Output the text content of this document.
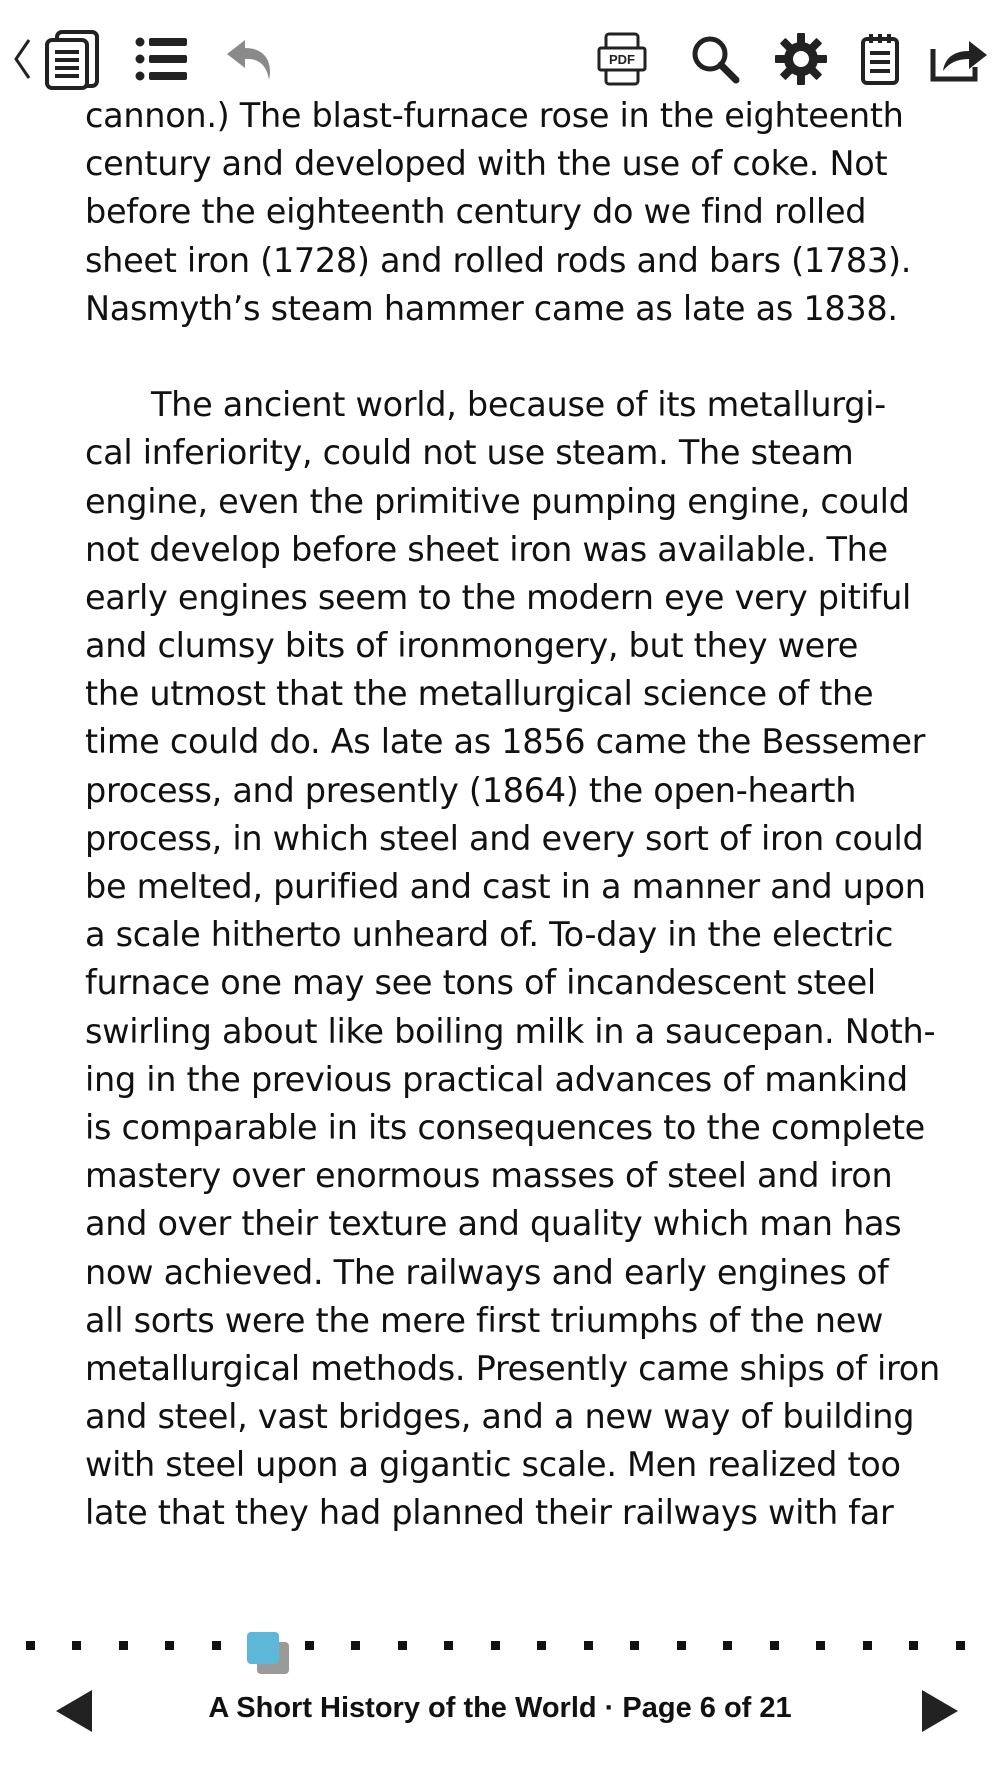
PDF
cannon.) The blast-furnace rose in the eighteenth
century and developed with the use of coke. Not
before the eighteenth century do we find rolled
sheet iron (1728) and rolled rods and bars (1783).
Nasmyth’s steam hammer came as late as 1838.
The ancient world, because of its metallurgi-
cal inferiority, could not use steam. The steam
engine, even the primitive pumping engine, could
not develop before sheet iron was available. The
early engines seem to the modern eye very pitiful
and clumsy bits of ironmongery, but they were
the utmost that the metallurgical science of the
time could do. As late as 1856 came the Bessemer
process, and presently (1864) the open-hearth
process, in which steel and every sort of iron could
be melted, purified and cast in a manner and upon
a scale hitherto unheard of. To-day in the electric
furnace one may see tons of incandescent steel
swirling about like boiling milk in a saucepan. Noth-
ing in the previous practical advances of mankind
is comparable in its consequences to the complete
mastery over enormous masses of steel and iron
and over their texture and quality which man has
now achieved. The railways and early engines of
all sorts were the mere first triumphs of the new
metallurgical methods. Presently came ships of iron
and steel, vast bridges, and a new way of building
with steel upon a gigantic scale. Men realized too
late that they had planned their railways with far
A Short History of the World · Page 6 of 21
